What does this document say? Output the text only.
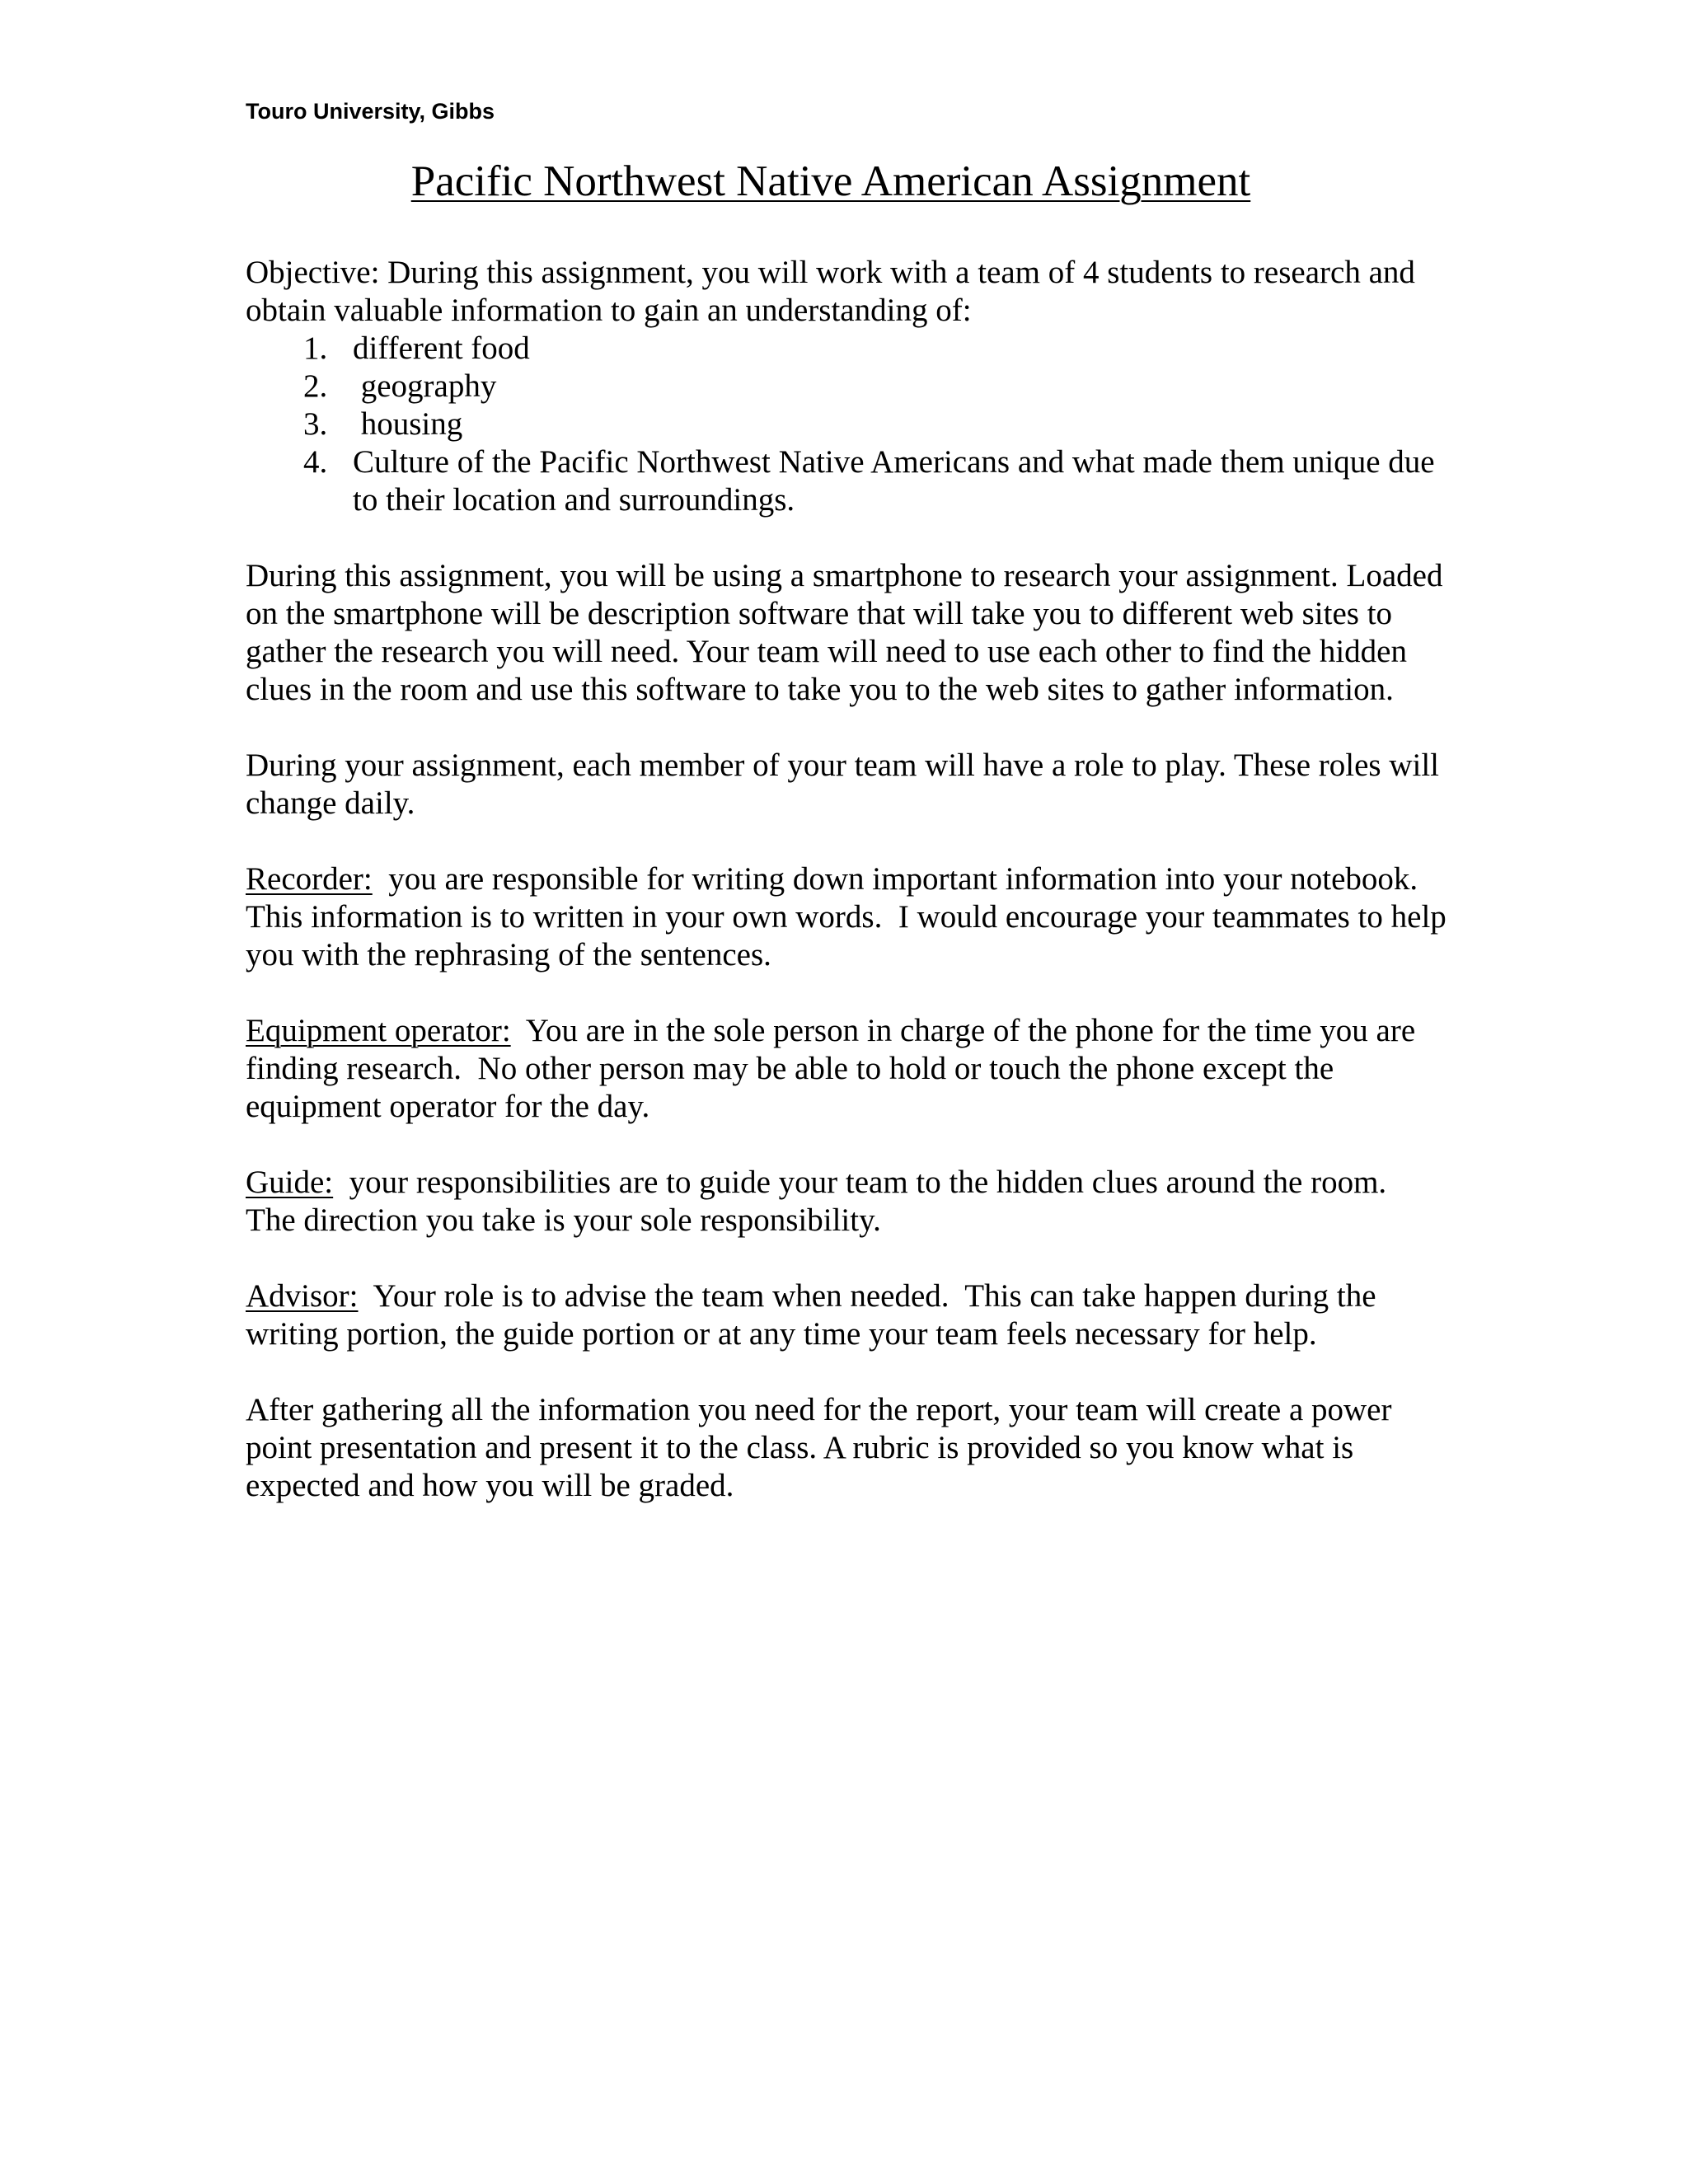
Touro University, Gibbs
Pacific Northwest Native American Assignment

Objective: During this assignment, you will work with a team of 4 students to research and obtain valuable information to gain an understanding of:

1. different food
2. geography
3. housing
4. Culture of the Pacific Northwest Native Americans and what made them unique due to their location and surroundings.

During this assignment, you will be using a smartphone to research your assignment. Loaded on the smartphone will be description software that will take you to different web sites to gather the research you will need. Your team will need to use each other to find the hidden clues in the room and use this software to take you to the web sites to gather information.

During your assignment, each member of your team will have a role to play. These roles will change daily.

Recorder:  you are responsible for writing down important information into your notebook.  This information is to written in your own words.  I would encourage your teammates to help you with the rephrasing of the sentences.

Equipment operator:  You are in the sole person in charge of the phone for the time you are finding research.  No other person may be able to hold or touch the phone except the equipment operator for the day.

Guide:  your responsibilities are to guide your team to the hidden clues around the room.  The direction you take is your sole responsibility.

Advisor:  Your role is to advise the team when needed.  This can take happen during the writing portion, the guide portion or at any time your team feels necessary for help.

After gathering all the information you need for the report, your team will create a power point presentation and present it to the class. A rubric is provided so you know what is expected and how you will be graded.
